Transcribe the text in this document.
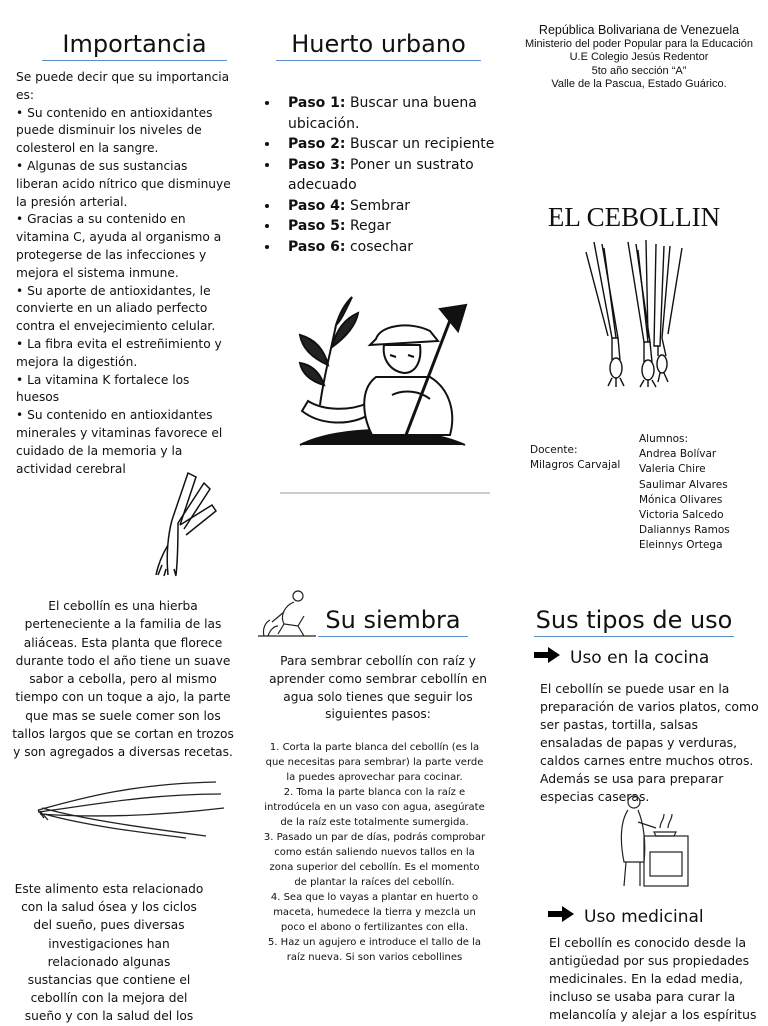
Importancia
Se puede decir que su importancia es:
• Su contenido en antioxidantes puede disminuir los niveles de colesterol en la sangre.
• Algunas de sus sustancias liberan acido nítrico que disminuye la presión arterial.
• Gracias a su contenido en vitamina C, ayuda al organismo a protegerse de las infecciones y mejora el sistema inmune.
• Su aporte de antioxidantes, le convierte en un aliado perfecto contra el envejecimiento celular.
• La fibra evita el estreñimiento y mejora la digestión.
• La vitamina K fortalece los huesos
• Su contenido en antioxidantes minerales y vitaminas favorece el cuidado de la memoria y la actividad cerebral
El cebollín es una hierba perteneciente a la familia de las aliáceas. Esta planta que florece durante todo el año tiene un suave sabor a cebolla, pero al mismo tiempo con un toque a ajo, la parte que mas se suele comer son los tallos largos que se cortan en trozos y son agregados a diversas recetas.
Este alimento esta relacionado con la salud ósea y los ciclos del sueño, pues diversas investigaciones han relacionado algunas sustancias que contiene el cebollín con la mejora del sueño y con la salud del los
Huerto urbano
• Paso 1: Buscar una buena ubicación.
• Paso 2: Buscar un recipiente
• Paso 3: Poner un sustrato adecuado
• Paso 4: Sembrar
• Paso 5: Regar
• Paso 6: cosechar
Su siembra
Para sembrar cebollín con raíz y aprender como sembrar cebollín en agua solo tienes que seguir los siguientes pasos:
1. Corta la parte blanca del cebollín (es la que necesitas para sembrar) la parte verde la puedes aprovechar para cocinar.
2. Toma la parte blanca con la raíz e introdúcela en un vaso con agua, asegúrate de la raíz este totalmente sumergida.
3. Pasado un par de días, podrás comprobar como están saliendo nuevos tallos en la zona superior del cebollín. Es el momento de plantar la raíces del cebollín.
4. Sea que lo vayas a plantar en huerto o maceta, humedece la tierra y mezcla un poco el abono o fertilizantes con ella.
5. Haz un agujero e introduce el tallo de la raíz nueva. Si son varios cebollines
República Bolivariana de Venezuela
Ministerio del poder Popular para la Educación
U.E Colegio Jesús Redentor
5to año sección “A”
Valle de la Pascua, Estado Guárico.
EL CEBOLLIN
Docente:
Milagros Carvajal
Alumnos:
Andrea Bolívar
Valeria Chire
Saulimar Alvares
Mónica Olivares
Victoria Salcedo
Daliannys Ramos
Eleinnys Ortega
Sus tipos de uso
Uso en la cocina
El cebollín se puede usar en la preparación de varios platos, como ser pastas, tortilla, salsas ensaladas de papas y verduras, caldos carnes entre muchos otros. Además se usa para preparar especias caseras.
Uso medicinal
El cebollín es conocido desde la antigüedad por sus propiedades medicinales. En la edad media, incluso se usaba para curar la melancolía y alejar a los espíritus
